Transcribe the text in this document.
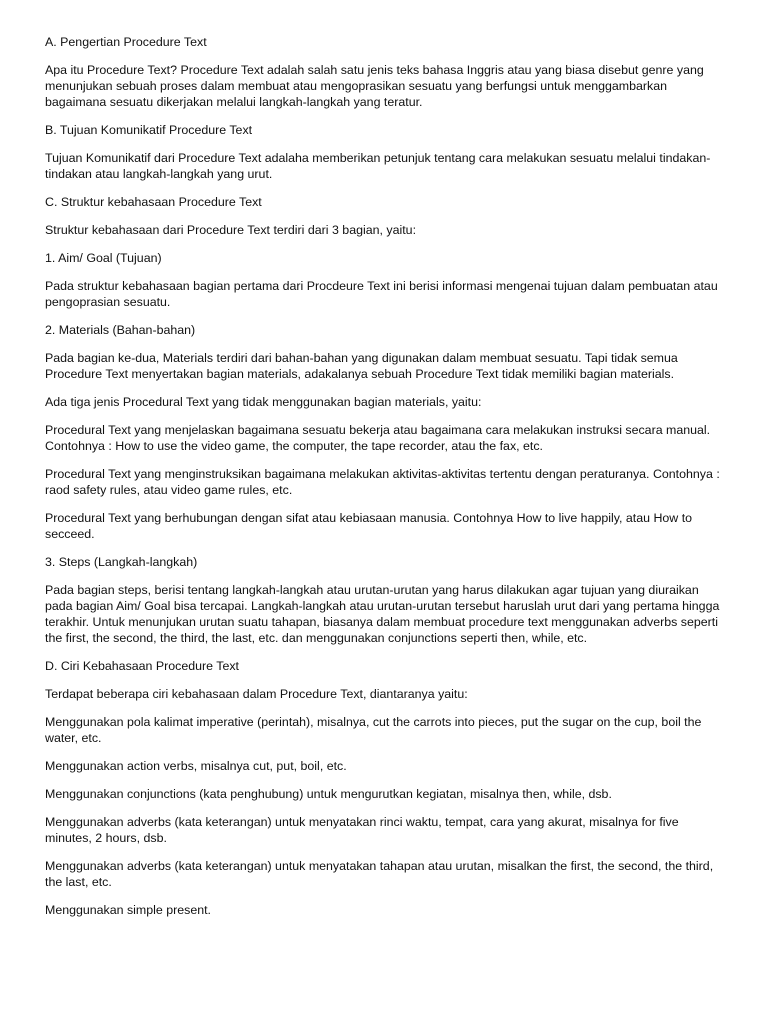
A. Pengertian Procedure Text

Apa itu Procedure Text? Procedure Text adalah salah satu jenis teks bahasa Inggris atau yang biasa disebut genre yang menunjukan sebuah proses dalam membuat atau mengoprasikan sesuatu yang berfungsi untuk menggambarkan bagaimana sesuatu dikerjakan melalui langkah-langkah yang teratur.

B. Tujuan Komunikatif Procedure Text

Tujuan Komunikatif dari Procedure Text adalaha memberikan petunjuk tentang cara melakukan sesuatu melalui tindakan-tindakan atau langkah-langkah yang urut.

C. Struktur kebahasaan Procedure Text

Struktur kebahasaan dari Procedure Text terdiri dari 3 bagian, yaitu:

1. Aim/ Goal (Tujuan)

Pada struktur kebahasaan bagian pertama dari Procdeure Text ini berisi informasi mengenai tujuan dalam pembuatan atau pengoprasian sesuatu.

2. Materials (Bahan-bahan)

Pada bagian ke-dua, Materials terdiri dari bahan-bahan yang digunakan dalam membuat sesuatu. Tapi tidak semua Procedure Text menyertakan bagian materials, adakalanya sebuah Procedure Text tidak memiliki bagian materials.

Ada tiga jenis Procedural Text yang tidak menggunakan bagian materials, yaitu:

Procedural Text yang menjelaskan bagaimana sesuatu bekerja atau bagaimana cara melakukan instruksi secara manual. Contohnya : How to use the video game, the computer, the tape recorder, atau the fax, etc.

Procedural Text yang menginstruksikan bagaimana melakukan aktivitas-aktivitas tertentu dengan peraturanya. Contohnya : raod safety rules, atau video game rules, etc.

Procedural Text yang berhubungan dengan sifat atau kebiasaan manusia. Contohnya How to live happily, atau How to secceed.

3. Steps (Langkah-langkah)

Pada bagian steps, berisi tentang langkah-langkah atau urutan-urutan yang harus dilakukan agar tujuan yang diuraikan pada bagian Aim/ Goal bisa tercapai. Langkah-langkah atau urutan-urutan tersebut haruslah urut dari yang pertama hingga terakhir. Untuk menunjukan urutan suatu tahapan, biasanya dalam membuat procedure text menggunakan adverbs seperti the first, the second, the third, the last, etc. dan menggunakan conjunctions seperti then, while, etc.

D. Ciri Kebahasaan Procedure Text

Terdapat beberapa ciri kebahasaan dalam Procedure Text, diantaranya yaitu:

Menggunakan pola kalimat imperative (perintah), misalnya, cut the carrots into pieces, put the sugar on the cup, boil the water, etc.

Menggunakan action verbs, misalnya cut, put, boil, etc.

Menggunakan conjunctions (kata penghubung) untuk mengurutkan kegiatan, misalnya then, while, dsb.

Menggunakan adverbs (kata keterangan) untuk menyatakan rinci waktu, tempat, cara yang akurat, misalnya for five minutes, 2 hours, dsb.

Menggunakan adverbs (kata keterangan) untuk menyatakan tahapan atau urutan, misalkan the first, the second, the third, the last, etc.

Menggunakan simple present.
